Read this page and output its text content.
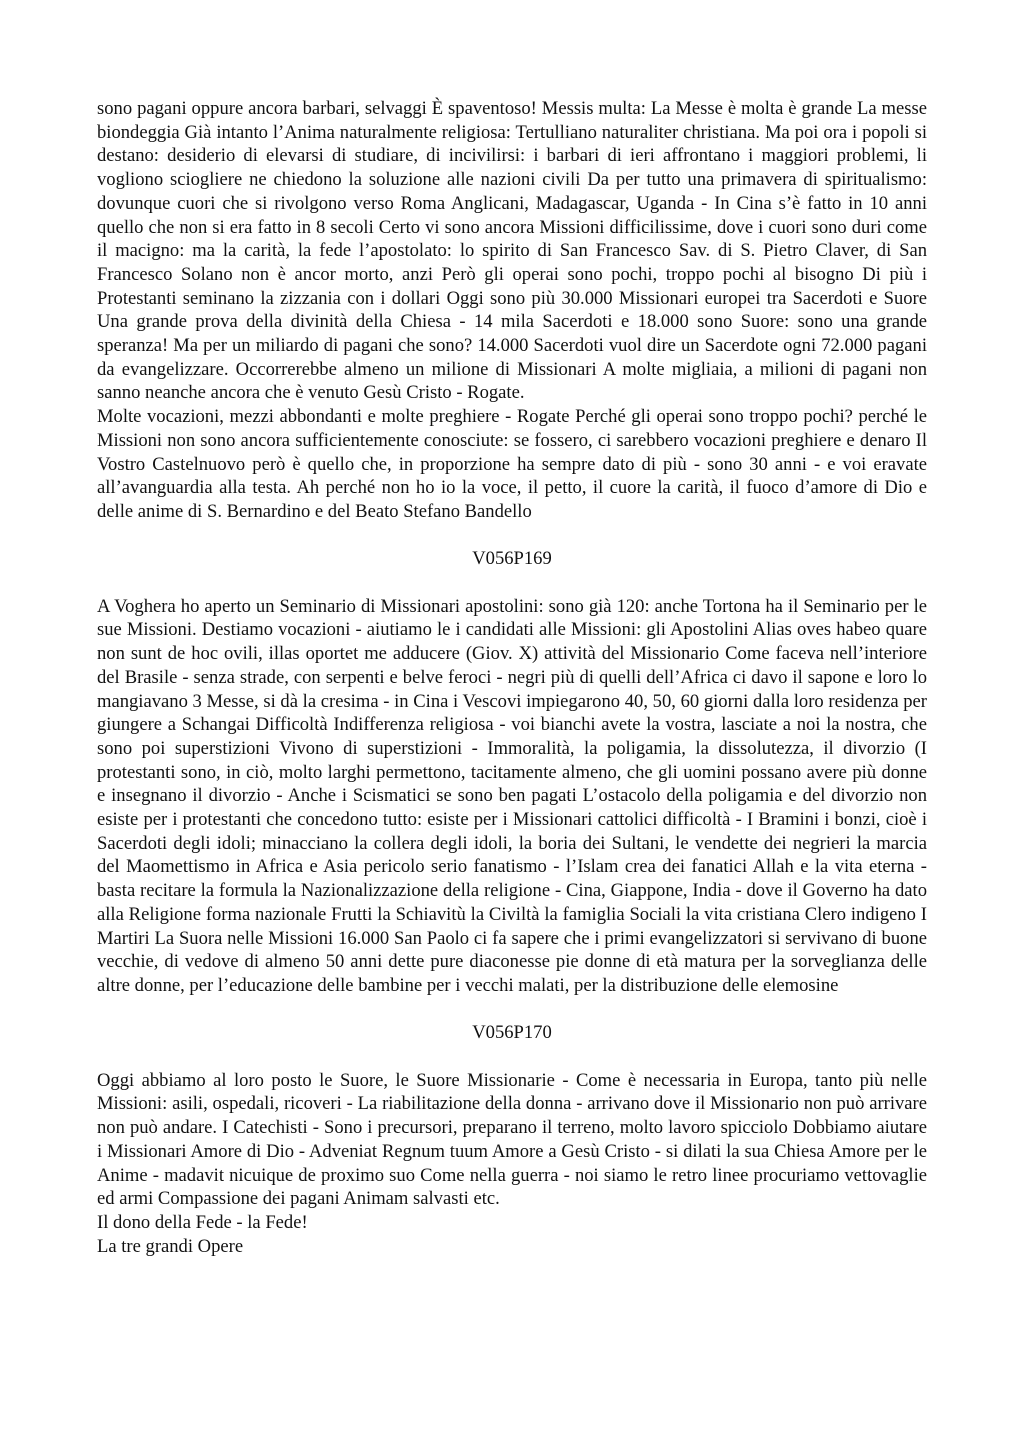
sono pagani oppure ancora barbari, selvaggi È spaventoso! Messis multa: La Messe è molta è grande La messe biondeggia Già intanto l’Anima naturalmente religiosa: Tertulliano naturaliter christiana. Ma poi ora i popoli si destano: desiderio di elevarsi di studiare, di incivilirsi: i barbari di ieri affrontano i maggiori problemi, li vogliono sciogliere ne chiedono la soluzione alle nazioni civili Da per tutto una primavera di spiritualismo: dovunque cuori che si rivolgono verso Roma Anglicani, Madagascar, Uganda - In Cina s’è fatto in 10 anni quello che non si era fatto in 8 secoli Certo vi sono ancora Missioni difficilissime, dove i cuori sono duri come il macigno: ma la carità, la fede l’apostolato: lo spirito di San Francesco Sav. di S. Pietro Claver, di San Francesco Solano non è ancor morto, anzi Però gli operai sono pochi, troppo pochi al bisogno Di più i Protestanti seminano la zizzania con i dollari Oggi sono più 30.000 Missionari europei tra Sacerdoti e Suore Una grande prova della divinità della Chiesa - 14 mila Sacerdoti e 18.000 sono Suore: sono una grande speranza! Ma per un miliardo di pagani che sono? 14.000 Sacerdoti vuol dire un Sacerdote ogni 72.000 pagani da evangelizzare. Occorrerebbe almeno un milione di Missionari A molte migliaia, a milioni di pagani non sanno neanche ancora che è venuto Gesù Cristo - Rogate.

Molte vocazioni, mezzi abbondanti e molte preghiere - Rogate Perché gli operai sono troppo pochi? perché le Missioni non sono ancora sufficientemente conosciute: se fossero, ci sarebbero vocazioni preghiere e denaro Il Vostro Castelnuovo però è quello che, in proporzione ha sempre dato di più - sono 30 anni - e voi eravate all’avanguardia alla testa. Ah perché non ho io la voce, il petto, il cuore la carità, il fuoco d’amore di Dio e delle anime di S. Bernardino e del Beato Stefano Bandello

V056P169

A Voghera ho aperto un Seminario di Missionari apostolini: sono già 120: anche Tortona ha il Seminario per le sue Missioni. Destiamo vocazioni - aiutiamo le i candidati alle Missioni: gli Apostolini Alias oves habeo quare non sunt de hoc ovili, illas oportet me adducere (Giov. X) attività del Missionario Come faceva nell’interiore del Brasile - senza strade, con serpenti e belve feroci - negri più di quelli dell’Africa ci davo il sapone e loro lo mangiavano 3 Messe, si dà la cresima - in Cina i Vescovi impiegarono 40, 50, 60 giorni dalla loro residenza per giungere a Schangai Difficoltà Indifferenza religiosa - voi bianchi avete la vostra, lasciate a noi la nostra, che sono poi superstizioni Vivono di superstizioni - Immoralità, la poligamia, la dissolutezza, il divorzio (I protestanti sono, in ciò, molto larghi permettono, tacitamente almeno, che gli uomini possano avere più donne e insegnano il divorzio - Anche i Scismatici se sono ben pagati L’ostacolo della poligamia e del divorzio non esiste per i protestanti che concedono tutto: esiste per i Missionari cattolici difficoltà - I Bramini i bonzi, cioè i Sacerdoti degli idoli; minacciano la collera degli idoli, la boria dei Sultani, le vendette dei negrieri la marcia del Maomettismo in Africa e Asia pericolo serio fanatismo - l’Islam crea dei fanatici Allah e la vita eterna - basta recitare la formula la Nazionalizzazione della religione - Cina, Giappone, India - dove il Governo ha dato alla Religione forma nazionale Frutti la Schiavitù la Civiltà la famiglia Sociali la vita cristiana Clero indigeno I Martiri La Suora nelle Missioni 16.000 San Paolo ci fa sapere che i primi evangelizzatori si servivano di buone vecchie, di vedove di almeno 50 anni dette pure diaconesse pie donne di età matura per la sorveglianza delle altre donne, per l’educazione delle bambine per i vecchi malati, per la distribuzione delle elemosine

V056P170

Oggi abbiamo al loro posto le Suore, le Suore Missionarie - Come è necessaria in Europa, tanto più nelle Missioni: asili, ospedali, ricoveri - La riabilitazione della donna - arrivano dove il Missionario non può arrivare non può andare. I Catechisti - Sono i precursori, preparano il terreno, molto lavoro spicciolo Dobbiamo aiutare i Missionari Amore di Dio - Adveniat Regnum tuum Amore a Gesù Cristo - si dilati la sua Chiesa Amore per le Anime - madavit nicuique de proximo suo Come nella guerra - noi siamo le retro linee procuriamo vettovaglie ed armi Compassione dei pagani Animam salvasti etc.

Il dono della Fede - la Fede!

La tre grandi Opere
